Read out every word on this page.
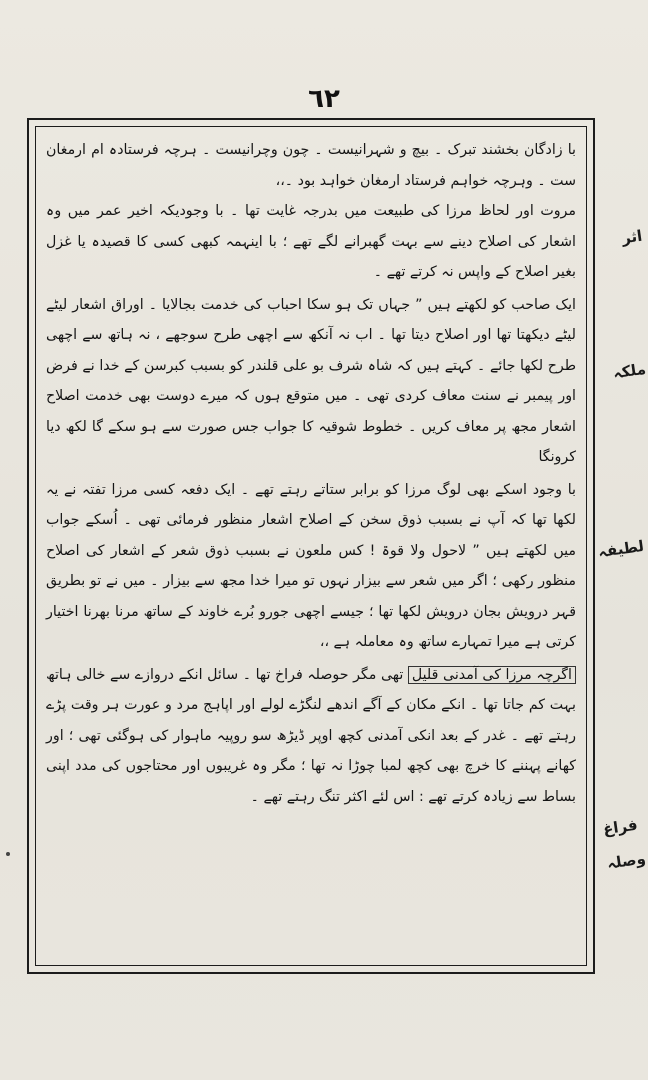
٦٢

با زادگان بخشند تبرک ۔ بیچ و شہرانیست ۔ چون وچرانیست ۔ ہرچہ فرستادہ ام ارمغان ست ۔ وہرچہ خواہم فرستاد ارمغان خواہد بود ۔،،

مروت اور لحاظ مرزا کی طبیعت میں بدرجہ غایت تھا ۔ با وجودیکہ اخیر عمر میں وہ اشعار کی اصلاح دینے سے بہت گھبرانے لگے تھے ؛ با اینہمہ کبھی کسی کا قصیدہ یا غزل بغیر اصلاح کے واپس نہ کرتے تھے ۔

ایک صاحب کو لکھتے ہیں ” جہاں تک ہو سکا احباب کی خدمت بجالایا ۔ اوراق اشعار لیٹے لیٹے دیکھتا تھا اور اصلاح دیتا تھا ۔ اب نہ آنکھ سے اچھی طرح سوجھے ، نہ ہاتھ سے اچھی طرح لکھا جائے ۔ کہتے ہیں کہ شاہ شرف بو علی قلندر کو بسبب کبرسن کے خدا نے فرض اور پیمبر نے سنت معاف کردی تھی ۔ میں متوقع ہوں کہ میرے دوست بھی خدمت اصلاح اشعار مجھ پر معاف کریں ۔ خطوط شوقیہ کا جواب جس صورت سے ہو سکے گا لکھ دیا کرونگا

با وجود اسکے بھی لوگ مرزا کو برابر ستاتے رہتے تھے ۔ ایک دفعہ کسی مرزا تفتہ نے یہ لکھا تھا کہ آپ نے بسبب ذوق سخن کے اصلاح اشعار منظور فرمائی تھی ۔ اُسکے جواب میں لکھتے ہیں ” لاحول ولا قوۃ ! کس ملعون نے بسبب ذوق شعر کے اشعار کی اصلاح منظور رکھی ؛ اگر میں شعر سے بیزار نہوں تو میرا خدا مجھ سے بیزار ۔ میں نے تو بطریق قہر درویش بجان درویش لکھا تھا ؛ جیسے اچھی جورو بُرے خاوند کے ساتھ مرنا بھرنا اختیار کرتی ہے میرا تمہارے ساتھ وہ معاملہ ہے ،،

اگرچہ مرزا کی آمدنی قلیل تھی مگر حوصلہ فراخ تھا ۔ سائل انکے دروازے سے خالی ہاتھ بہت کم جاتا تھا ۔ انکے مکان کے آگے اندھے لنگڑے لولے اور اپاہج مرد و عورت ہر وقت پڑے رہتے تھے ۔ غدر کے بعد انکی آمدنی کچھ اوپر ڈیڑھ سو روپیہ ماہوار کی ہوگئی تھی ؛ اور کھانے پہننے کا خرچ بھی کچھ لمبا چوڑا نہ تھا ؛ مگر وہ غریبوں اور محتاجوں کی مدد اپنی بساط سے زیادہ کرتے تھے : اس لئے اکثر تنگ رہتے تھے ۔

اثر
ملکہ
لطیفہ
فراغ
وصلہ
